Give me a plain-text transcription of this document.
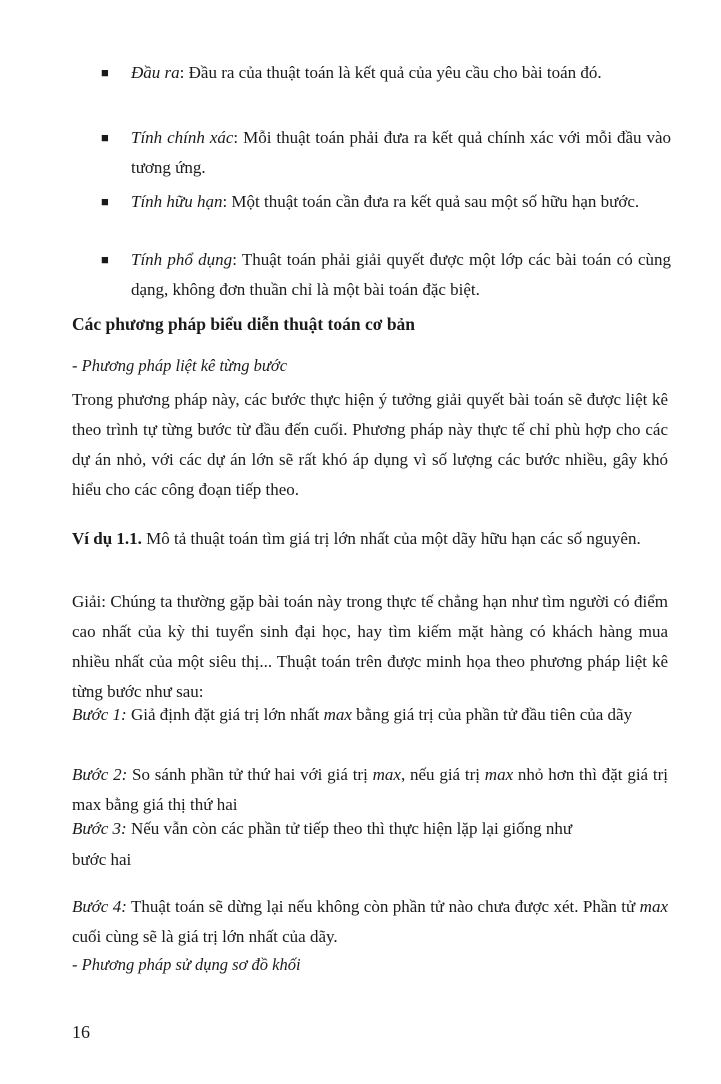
■ Đầu ra: Đầu ra của thuật toán là kết quả của yêu cầu cho bài toán đó.

■ Tính chính xác: Mỗi thuật toán phải đưa ra kết quả chính xác với mỗi đầu vào tương ứng.

■ Tính hữu hạn: Một thuật toán cần đưa ra kết quả sau một số hữu hạn bước.

■ Tính phổ dụng: Thuật toán phải giải quyết được một lớp các bài toán có cùng dạng, không đơn thuần chỉ là một bài toán đặc biệt.

Các phương pháp biểu diễn thuật toán cơ bản
- Phương pháp liệt kê từng bước
Trong phương pháp này, các bước thực hiện ý tưởng giải quyết bài toán sẽ được liệt kê theo trình tự từng bước từ đầu đến cuối. Phương pháp này thực tế chỉ phù hợp cho các dự án nhỏ, với các dự án lớn sẽ rất khó áp dụng vì số lượng các bước nhiều, gây khó hiểu cho các công đoạn tiếp theo.
Ví dụ 1.1. Mô tả thuật toán tìm giá trị lớn nhất của một dãy hữu hạn các số nguyên.
Giải: Chúng ta thường gặp bài toán này trong thực tế chẳng hạn như tìm người có điểm cao nhất của kỳ thi tuyển sinh đại học, hay tìm kiếm mặt hàng có khách hàng mua nhiều nhất của một siêu thị... Thuật toán trên được minh họa theo phương pháp liệt kê từng bước như sau:
Bước 1: Giả định đặt giá trị lớn nhất max bằng giá trị của phần tử đầu tiên của dãy
Bước 2: So sánh phần tử thứ hai với giá trị max, nếu giá trị max nhỏ hơn thì đặt giá trị max bằng giá thị thứ hai
Bước 3: Nếu vẫn còn các phần tử tiếp theo thì thực hiện lặp lại giống như
bước hai
Bước 4: Thuật toán sẽ dừng lại nếu không còn phần tử nào chưa được xét. Phần tử max cuối cùng sẽ là giá trị lớn nhất của dãy.
- Phương pháp sử dụng sơ đồ khối
16
